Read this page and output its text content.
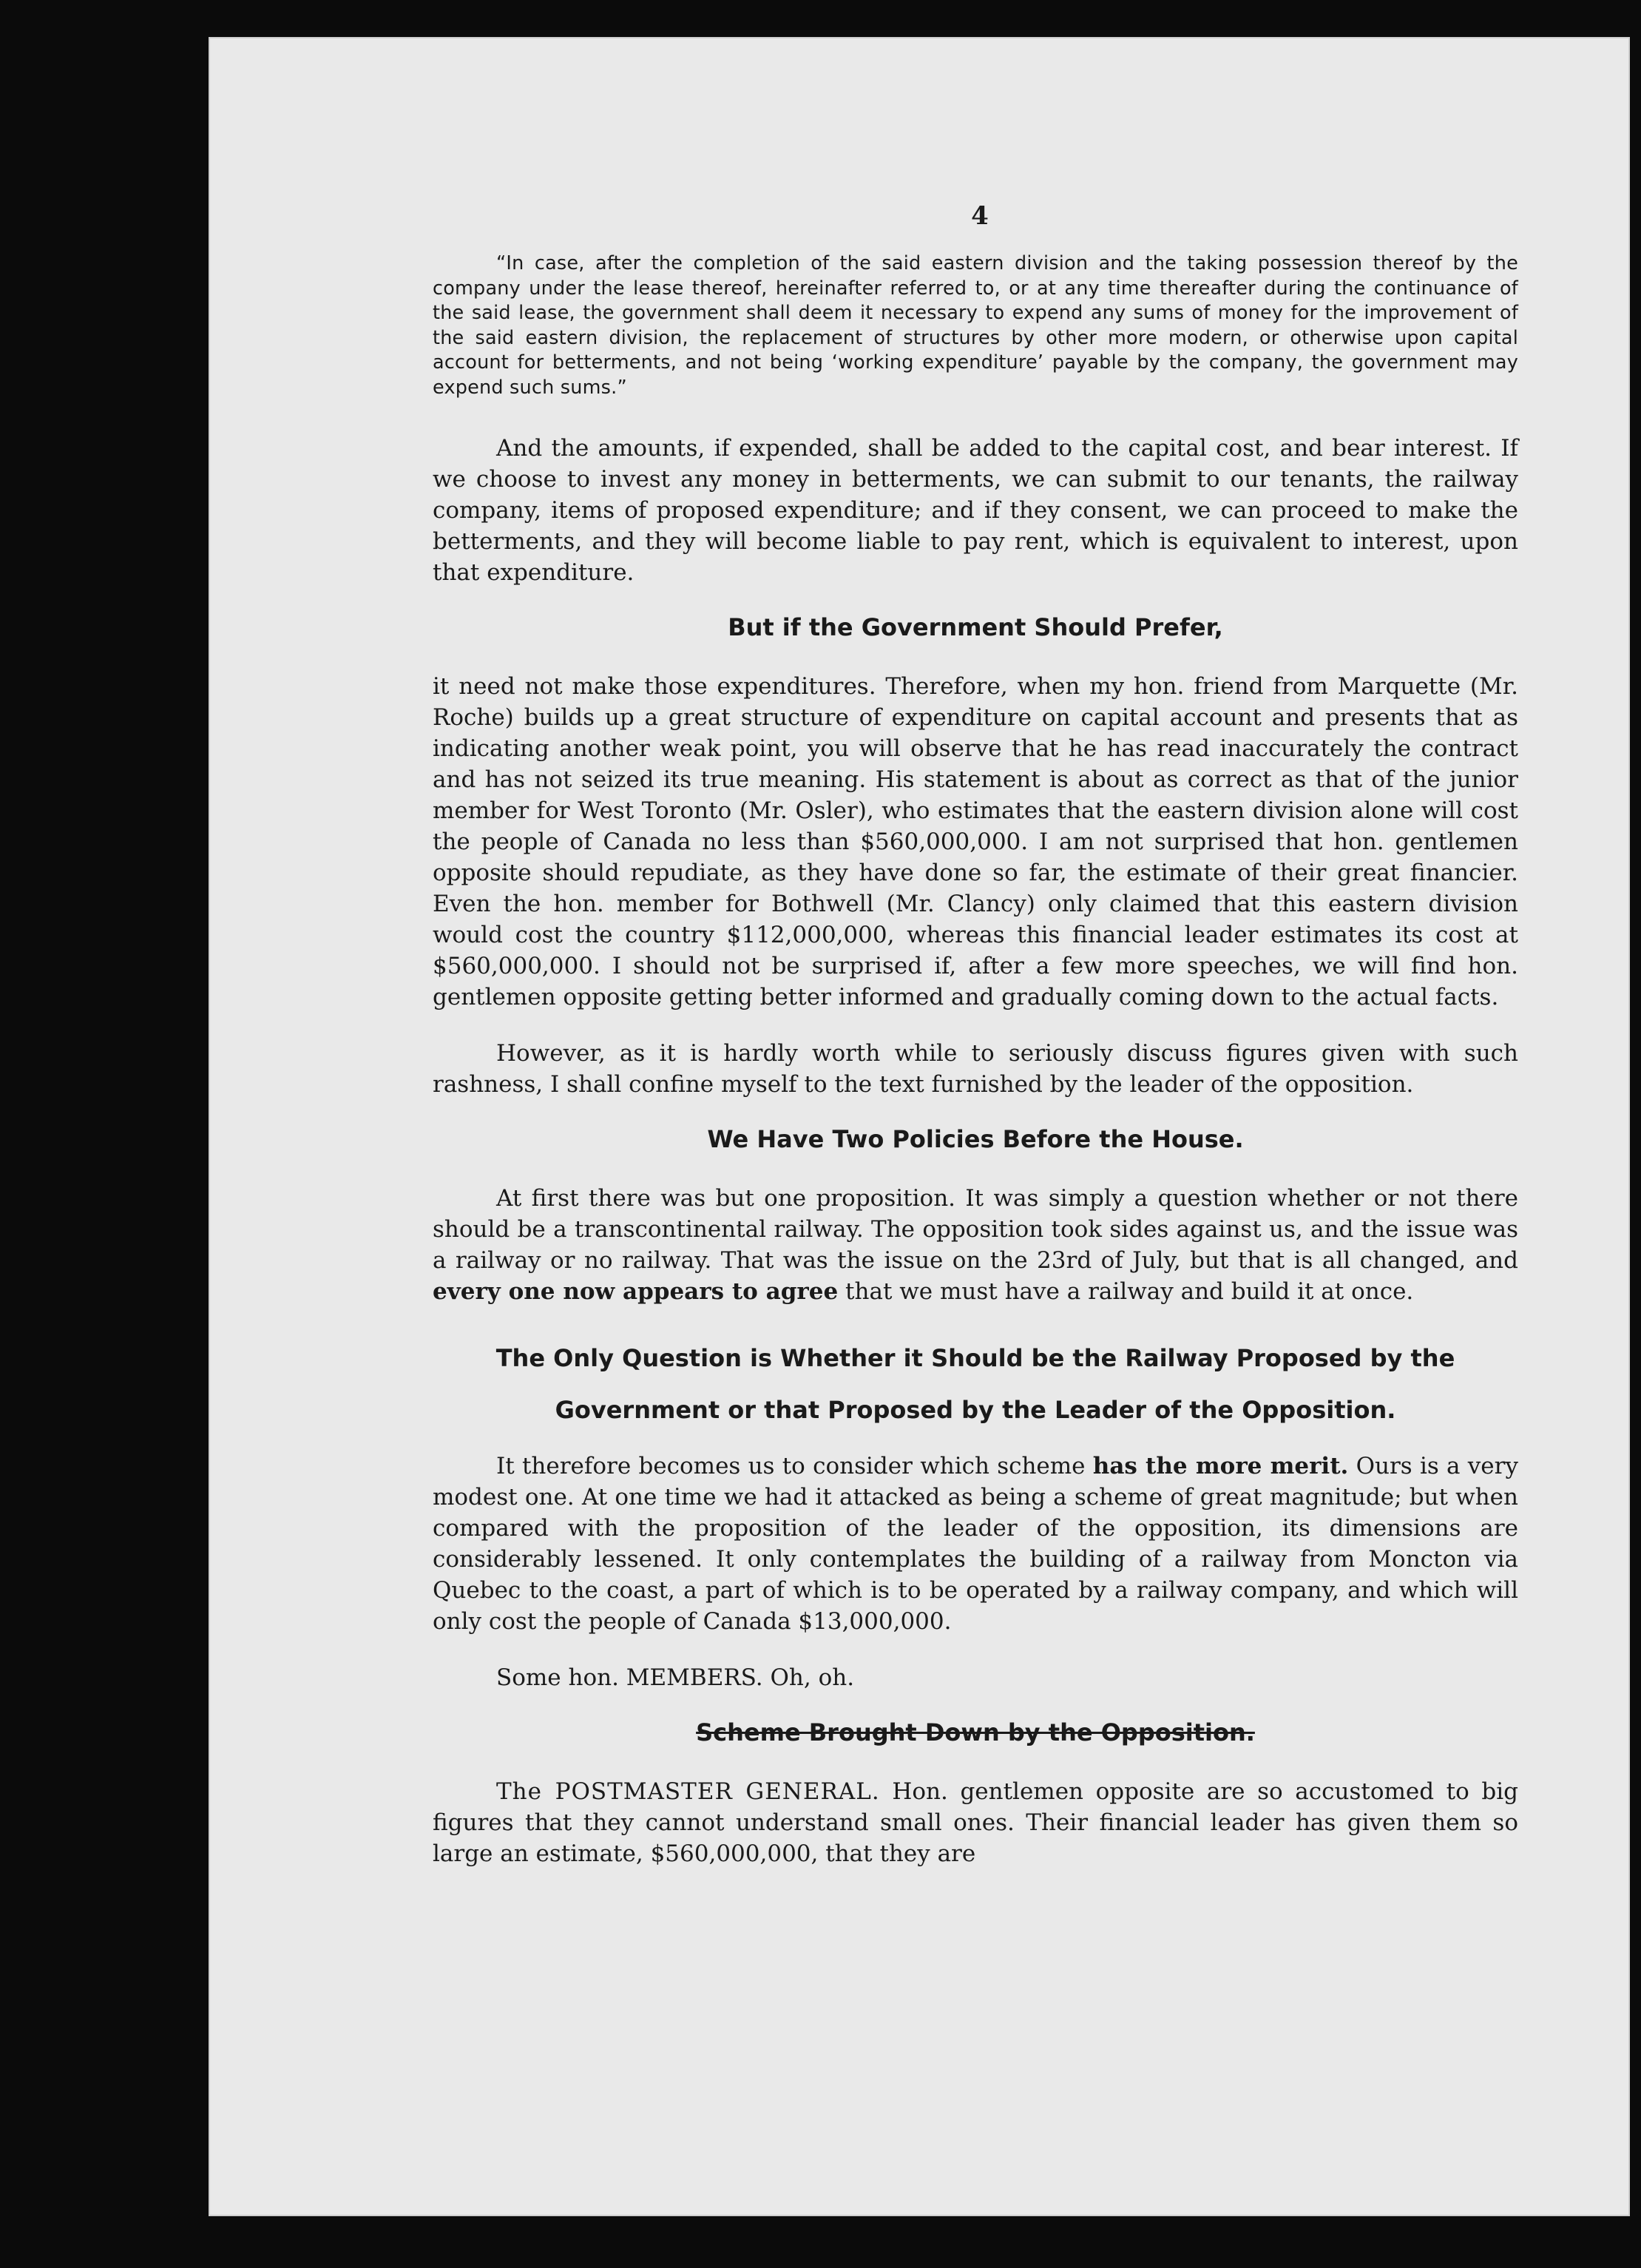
4

“In case, after the completion of the said eastern division and the taking possession thereof by the company under the lease thereof, hereinafter referred to, or at any time thereafter during the continuance of the said lease, the government shall deem it necessary to expend any sums of money for the improvement of the said eastern division, the replacement of structures by other more modern, or otherwise upon capital account for betterments, and not being ‘working expenditure’ payable by the company, the government may expend such sums.”

And the amounts, if expended, shall be added to the capital cost, and bear interest. If we choose to invest any money in betterments, we can submit to our tenants, the railway company, items of proposed expenditure; and if they consent, we can proceed to make the betterments, and they will become liable to pay rent, which is equivalent to interest, upon that expenditure.

But if the Government Should Prefer,

it need not make those expenditures. Therefore, when my hon. friend from Marquette (Mr. Roche) builds up a great structure of expenditure on capital account and presents that as indicating another weak point, you will observe that he has read inaccurately the contract and has not seized its true meaning. His statement is about as correct as that of the junior member for West Toronto (Mr. Osler), who estimates that the eastern division alone will cost the people of Canada no less than $560,000,000. I am not surprised that hon. gentlemen opposite should repudiate, as they have done so far, the estimate of their great financier. Even the hon. member for Bothwell (Mr. Clancy) only claimed that this eastern division would cost the country $112,000,000, whereas this financial leader estimates its cost at $560,000,000. I should not be surprised if, after a few more speeches, we will find hon. gentlemen opposite getting better informed and gradually coming down to the actual facts.

However, as it is hardly worth while to seriously discuss figures given with such rashness, I shall confine myself to the text furnished by the leader of the opposition.

We Have Two Policies Before the House.

At first there was but one proposition. It was simply a question whether or not there should be a transcontinental railway. The opposition took sides against us, and the issue was a railway or no railway. That was the issue on the 23rd of July, but that is all changed, and every one now appears to agree that we must have a railway and build it at once.

The Only Question is Whether it Should be the Railway Proposed by the
Government or that Proposed by the Leader of the Opposition.

It therefore becomes us to consider which scheme has the more merit. Ours is a very modest one. At one time we had it attacked as being a scheme of great magnitude; but when compared with the proposition of the leader of the opposition, its dimensions are considerably lessened. It only contemplates the building of a railway from Moncton via Quebec to the coast, a part of which is to be operated by a railway company, and which will only cost the people of Canada $13,000,000.

Some hon. MEMBERS. Oh, oh.

Scheme Brought Down by the Opposition.

The POSTMASTER GENERAL. Hon. gentlemen opposite are so accustomed to big figures that they cannot understand small ones. Their financial leader has given them so large an estimate, $560,000,000, that they are
